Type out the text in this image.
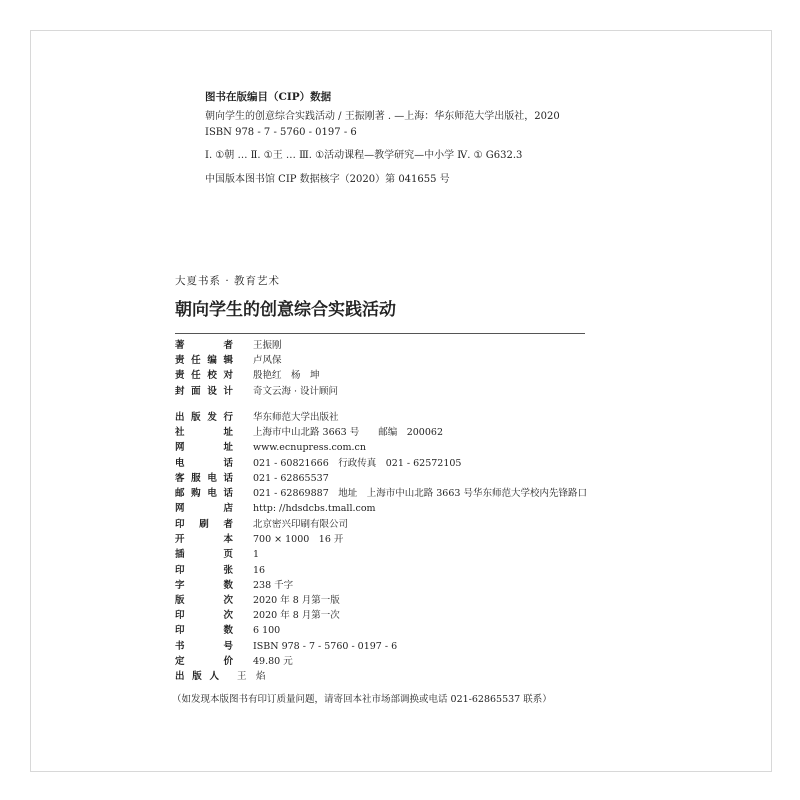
图书在版编目（CIP）数据
朝向学生的创意综合实践活动 / 王振刚著 . —上海：华东师范大学出版社，2020
ISBN 978 - 7 - 5760 - 0197 - 6
Ⅰ. ①朝 … Ⅱ. ①王 … Ⅲ. ①活动课程—教学研究—中小学 Ⅳ. ① G632.3
中国版本图书馆 CIP 数据核字（2020）第 041655 号
大夏书系 · 教育艺术
朝向学生的创意综合实践活动
著者 王振刚
责任编辑 卢风保
责任校对 殷艳红　杨　坤
封面设计 奇文云海 · 设计顾问
出版发行 华东师范大学出版社
社址 上海市中山北路 3663 号　　邮编　200062
网址 www.ecnupress.com.cn
电话 021 - 60821666　行政传真　021 - 62572105
客服电话 021 - 62865537
邮购电话 021 - 62869887　地址　上海市中山北路 3663 号华东师范大学校内先锋路口
网店 http: //hdsdcbs.tmall.com
印刷者 北京密兴印刷有限公司
开本 700 × 1000　16 开
插页 1
印张 16
字数 238 千字
版次 2020 年 8 月第一版
印次 2020 年 8 月第一次
印数 6 100
书号 ISBN 978 - 7 - 5760 - 0197 - 6
定价 49.80 元
出版人 王　焰
（如发现本版图书有印订质量问题，请寄回本社市场部调换或电话 021-62865537 联系）
